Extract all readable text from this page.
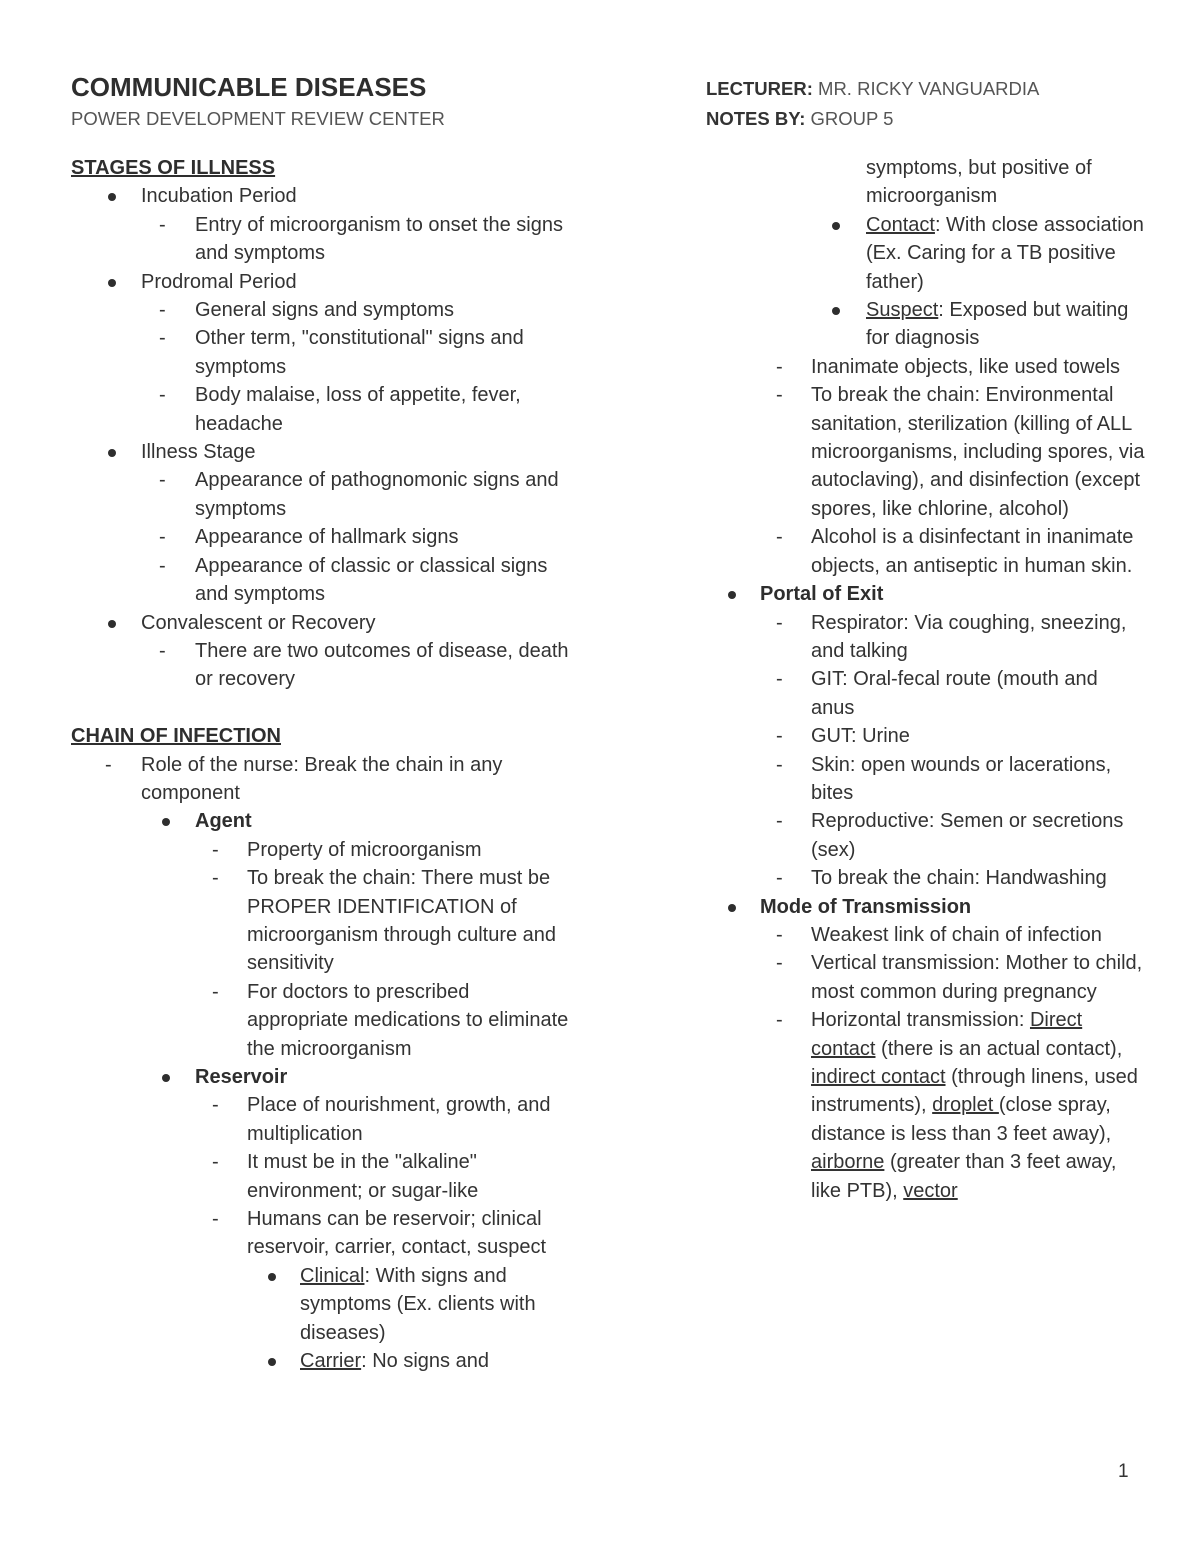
COMMUNICABLE DISEASES
POWER DEVELOPMENT REVIEW CENTER
LECTURER: MR. RICKY VANGUARDIA
NOTES BY: GROUP 5
STAGES OF ILLNESS
Incubation Period
- Entry of microorganism to onset the signs and symptoms
Prodromal Period
- General signs and symptoms
- Other term, "constitutional" signs and symptoms
- Body malaise, loss of appetite, fever, headache
Illness Stage
- Appearance of pathognomonic signs and symptoms
- Appearance of hallmark signs
- Appearance of classic or classical signs and symptoms
Convalescent or Recovery
- There are two outcomes of disease, death or recovery
CHAIN OF INFECTION
- Role of the nurse: Break the chain in any component
Agent
- Property of microorganism
- To break the chain: There must be PROPER IDENTIFICATION of microorganism through culture and sensitivity
- For doctors to prescribed appropriate medications to eliminate the microorganism
Reservoir
- Place of nourishment, growth, and multiplication
- It must be in the "alkaline" environment; or sugar-like
- Humans can be reservoir; clinical reservoir, carrier, contact, suspect
Clinical: With signs and symptoms (Ex. clients with diseases)
Carrier: No signs and
symptoms, but positive of microorganism
Contact: With close association (Ex. Caring for a TB positive father)
Suspect: Exposed but waiting for diagnosis
- Inanimate objects, like used towels
- To break the chain: Environmental sanitation, sterilization (killing of ALL microorganisms, including spores, via autoclaving), and disinfection (except spores, like chlorine, alcohol)
- Alcohol is a disinfectant in inanimate objects, an antiseptic in human skin.
Portal of Exit
- Respirator: Via coughing, sneezing, and talking
- GIT: Oral-fecal route (mouth and anus
- GUT: Urine
- Skin: open wounds or lacerations, bites
- Reproductive: Semen or secretions (sex)
- To break the chain: Handwashing
Mode of Transmission
- Weakest link of chain of infection
- Vertical transmission: Mother to child, most common during pregnancy
- Horizontal transmission: Direct contact (there is an actual contact), indirect contact (through linens, used instruments), droplet (close spray, distance is less than 3 feet away), airborne (greater than 3 feet away, like PTB), vector
1
